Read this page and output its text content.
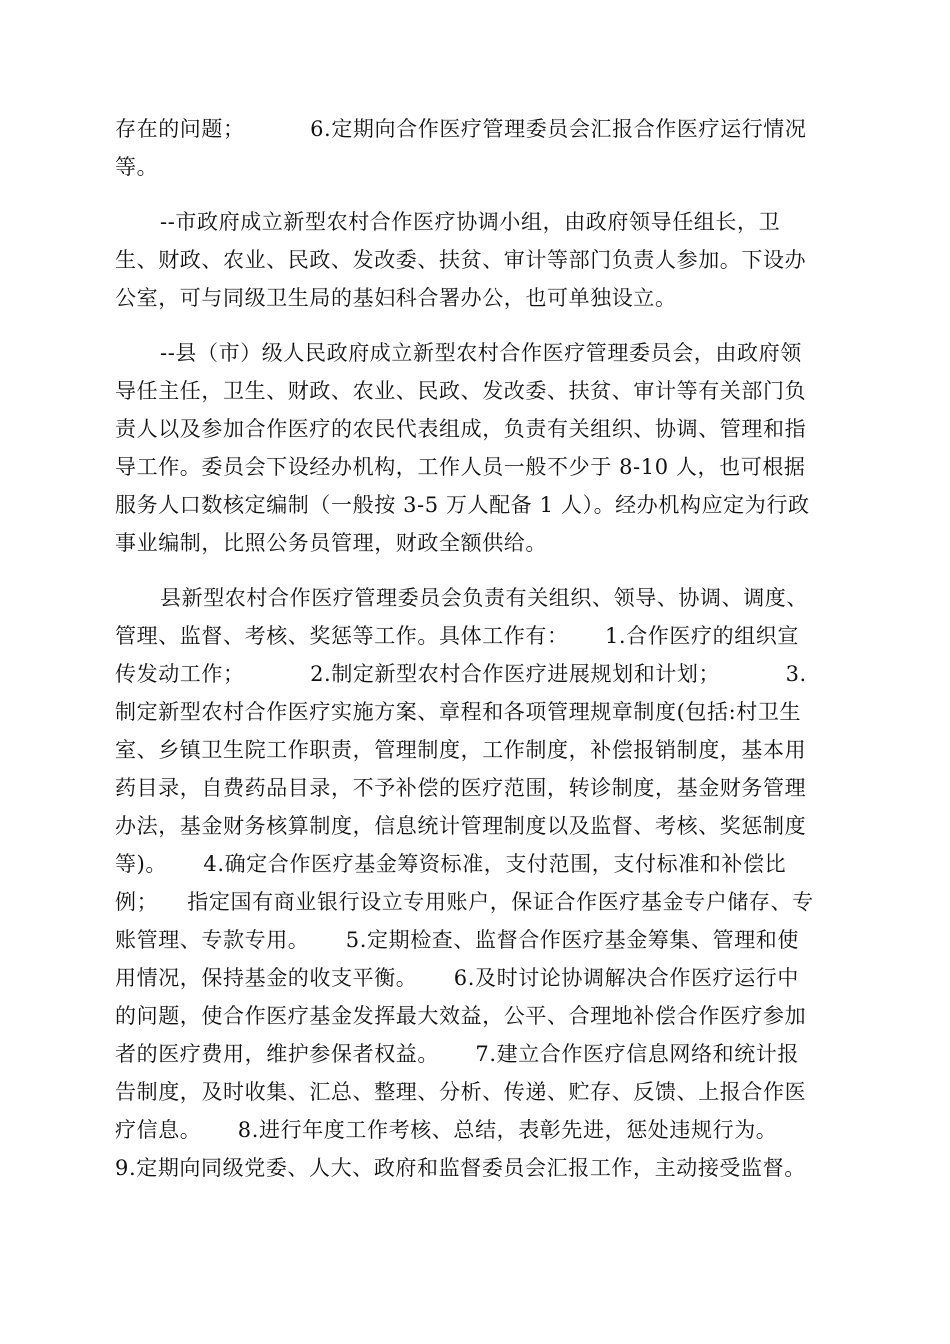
存在的问题；         6.定期向合作医疗管理委员会汇报合作医疗运行情况
等。
--市政府成立新型农村合作医疗协调小组，由政府领导任组长，卫
生、财政、农业、民政、发改委、扶贫、审计等部门负责人参加。下设办
公室，可与同级卫生局的基妇科合署办公，也可单独设立。
--县（市）级人民政府成立新型农村合作医疗管理委员会，由政府领
导任主任，卫生、财政、农业、民政、发改委、扶贫、审计等有关部门负
责人以及参加合作医疗的农民代表组成，负责有关组织、协调、管理和指
导工作。委员会下设经办机构，工作人员一般不少于 8-10 人，也可根据
服务人口数核定编制（一般按 3-5 万人配备 1 人）。经办机构应定为行政
事业编制，比照公务员管理，财政全额供给。
县新型农村合作医疗管理委员会负责有关组织、领导、协调、调度、
管理、监督、考核、奖惩等工作。具体工作有：     1.合作医疗的组织宣
传发动工作；         2.制定新型农村合作医疗进展规划和计划；         3.
制定新型农村合作医疗实施方案、章程和各项管理规章制度(包括:村卫生
室、乡镇卫生院工作职责，管理制度，工作制度，补偿报销制度，基本用
药目录，自费药品目录，不予补偿的医疗范围，转诊制度，基金财务管理
办法，基金财务核算制度，信息统计管理制度以及监督、考核、奖惩制度
等)。     4.确定合作医疗基金筹资标准，支付范围，支付标准和补偿比
例；    指定国有商业银行设立专用账户，保证合作医疗基金专户储存、专
账管理、专款专用。     5.定期检查、监督合作医疗基金筹集、管理和使
用情况，保持基金的收支平衡。     6.及时讨论协调解决合作医疗运行中
的问题，使合作医疗基金发挥最大效益，公平、合理地补偿合作医疗参加
者的医疗费用，维护参保者权益。     7.建立合作医疗信息网络和统计报
告制度，及时收集、汇总、整理、分析、传递、贮存、反馈、上报合作医
疗信息。     8.进行年度工作考核、总结，表彰先进，惩处违规行为。
9.定期向同级党委、人大、政府和监督委员会汇报工作，主动接受监督。
